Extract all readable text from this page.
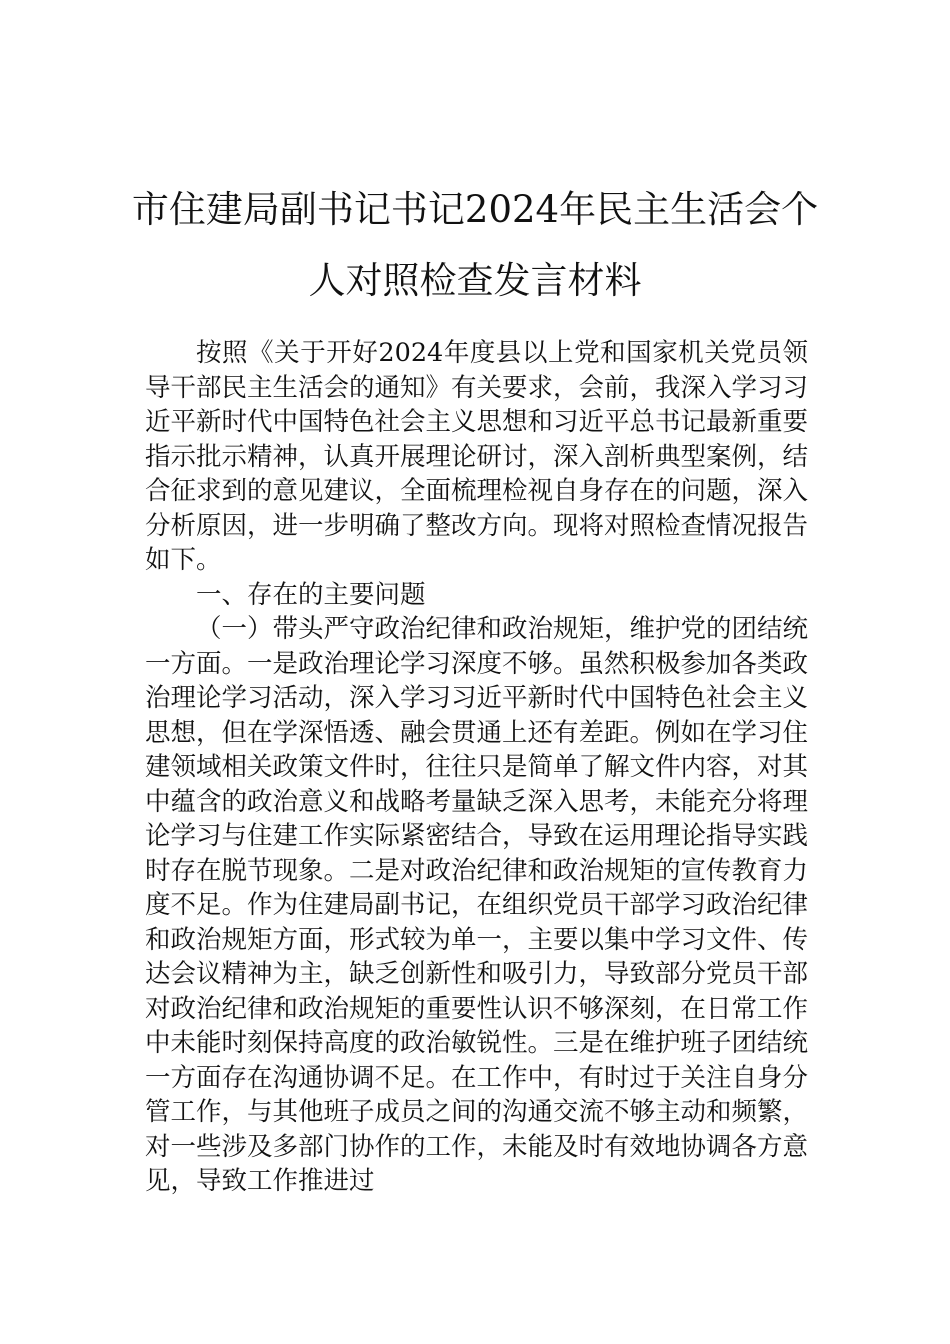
市住建局副书记书记2024年民主生活会个人对照检查发言材料

按照《关于开好2024年度县以上党和国家机关党员领导干部民主生活会的通知》有关要求，会前，我深入学习习近平新时代中国特色社会主义思想和习近平总书记最新重要指示批示精神，认真开展理论研讨，深入剖析典型案例，结合征求到的意见建议，全面梳理检视自身存在的问题，深入分析原因，进一步明确了整改方向。现将对照检查情况报告如下。

一、存在的主要问题

（一）带头严守政治纪律和政治规矩，维护党的团结统一方面。一是政治理论学习深度不够。虽然积极参加各类政治理论学习活动，深入学习习近平新时代中国特色社会主义思想，但在学深悟透、融会贯通上还有差距。例如在学习住建领域相关政策文件时，往往只是简单了解文件内容，对其中蕴含的政治意义和战略考量缺乏深入思考，未能充分将理论学习与住建工作实际紧密结合，导致在运用理论指导实践时存在脱节现象。二是对政治纪律和政治规矩的宣传教育力度不足。作为住建局副书记，在组织党员干部学习政治纪律和政治规矩方面，形式较为单一，主要以集中学习文件、传达会议精神为主，缺乏创新性和吸引力，导致部分党员干部对政治纪律和政治规矩的重要性认识不够深刻，在日常工作中未能时刻保持高度的政治敏锐性。三是在维护班子团结统一方面存在沟通协调不足。在工作中，有时过于关注自身分管工作，与其他班子成员之间的沟通交流不够主动和频繁，对一些涉及多部门协作的工作，未能及时有效地协调各方意见，导致工作推进过
